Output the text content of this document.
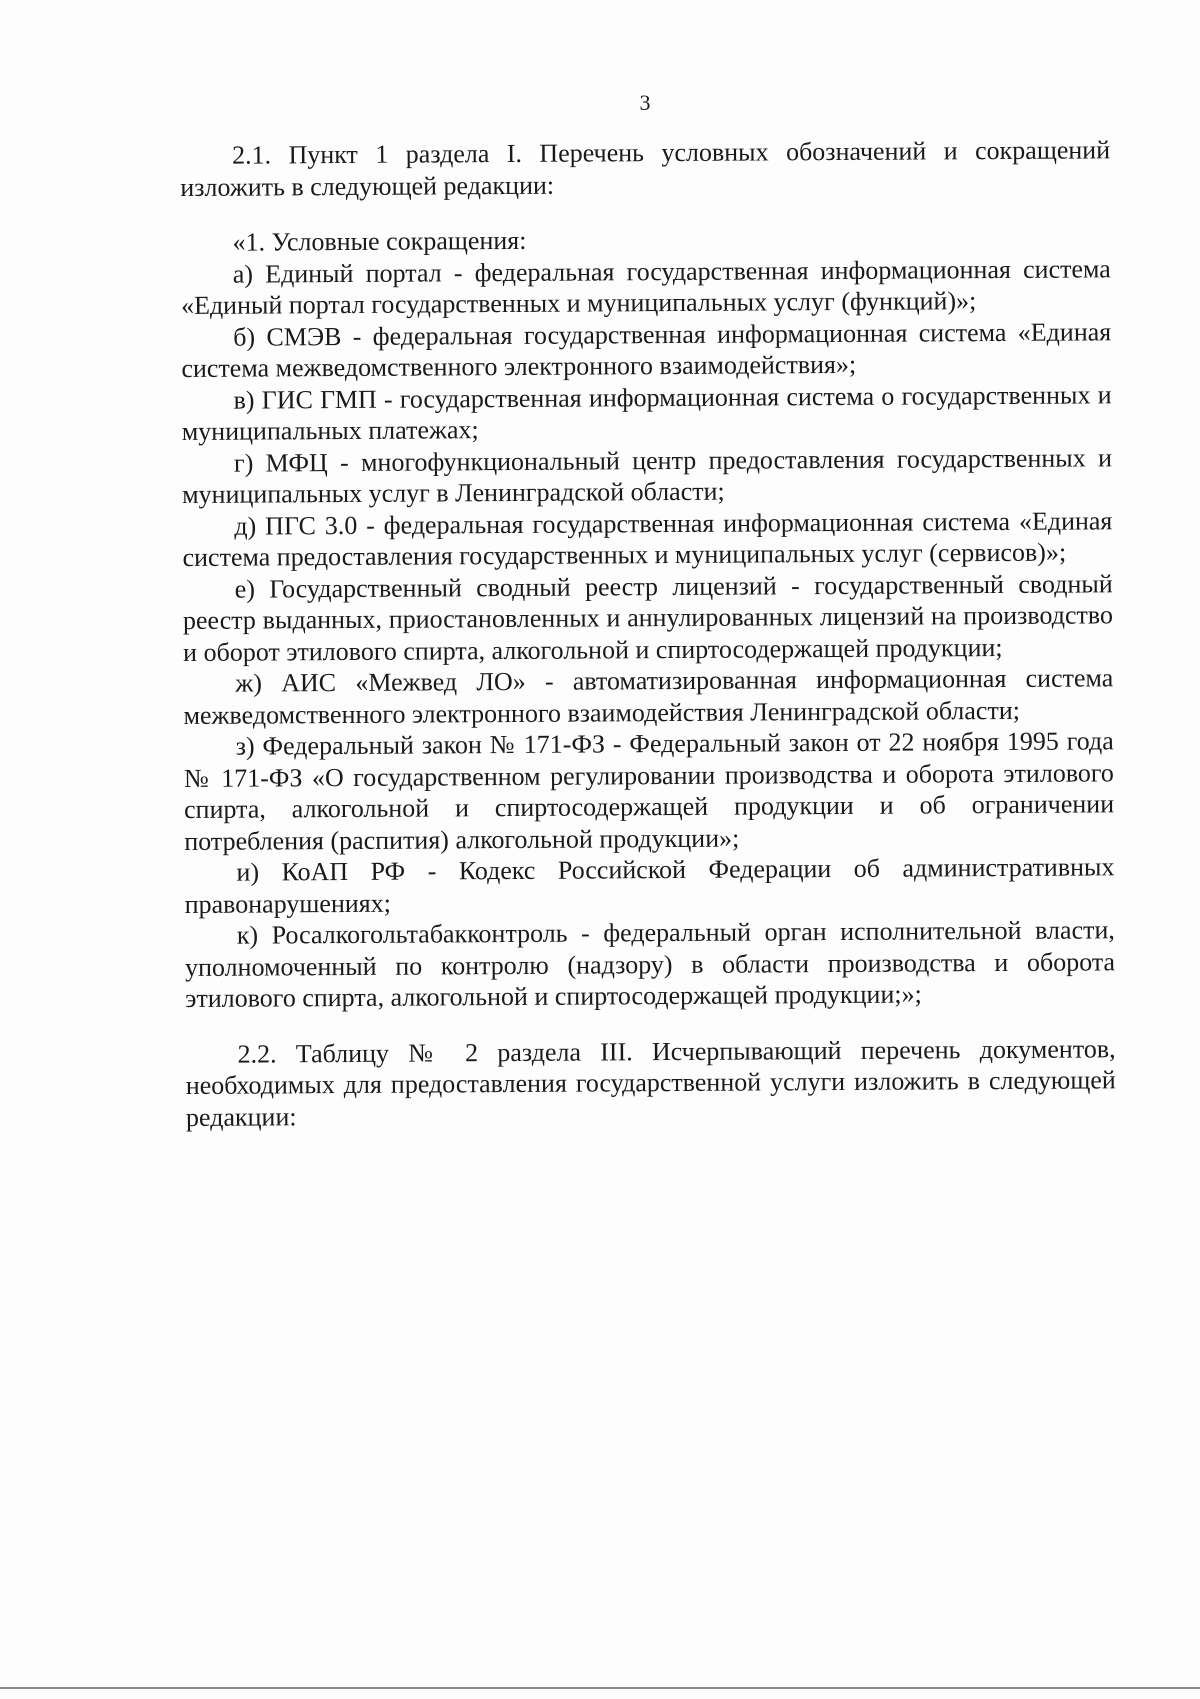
3

2.1. Пункт 1 раздела I. Перечень условных обозначений и сокращений изложить в следующей редакции:

«1. Условные сокращения:

а) Единый портал - федеральная государственная информационная система «Единый портал государственных и муниципальных услуг (функций)»;

б) СМЭВ - федеральная государственная информационная система «Единая система межведомственного электронного взаимодействия»;

в) ГИС ГМП - государственная информационная система о государственных и муниципальных платежах;

г) МФЦ - многофункциональный центр предоставления государственных и муниципальных услуг в Ленинградской области;

д) ПГС 3.0 - федеральная государственная информационная система «Единая система предоставления государственных и муниципальных услуг (сервисов)»;

е) Государственный сводный реестр лицензий - государственный сводный реестр выданных, приостановленных и аннулированных лицензий на производство и оборот этилового спирта, алкогольной и спиртосодержащей продукции;

ж) АИС «Межвед ЛО» - автоматизированная информационная система межведомственного электронного взаимодействия Ленинградской области;

з) Федеральный закон № 171-ФЗ - Федеральный закон от 22 ноября 1995 года № 171-ФЗ «О государственном регулировании производства и оборота этилового спирта, алкогольной и спиртосодержащей продукции и об ограничении потребления (распития) алкогольной продукции»;

и) КоАП РФ - Кодекс Российской Федерации об административных правонарушениях;

к) Росалкогольтабакконтроль - федеральный орган исполнительной власти, уполномоченный по контролю (надзору) в области производства и оборота этилового спирта, алкогольной и спиртосодержащей продукции;»;

2.2. Таблицу № 2 раздела III. Исчерпывающий перечень документов, необходимых для предоставления государственной услуги изложить в следующей редакции:
